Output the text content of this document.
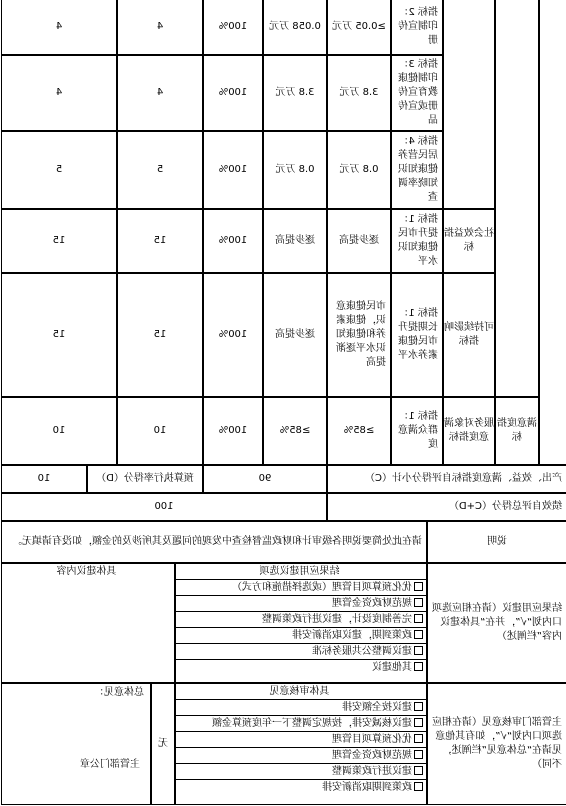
满意度指标
社会效益指标
可持续影响指标
服务对象满意度指标
指标 2：印制宣传册
≥0.05 万元
0.058 万元
100%
4
4
指标 3：印制健康教育宣传册或宣传品
3.8 万元
3.8 万元
100%
4
4
指标 4：居民营养健康知识知晓率调查
0.8 万元
0.8 万元
100%
5
5
指标 1：提升市民健康知识水平
逐步提高
逐步提高
100%
15
15
指标 1：长期提升市民健康素养水平
市民健康意识，健康素养和健康知识水平逐渐提高
逐步提高
100%
15
15
指标 1：群众满意度
≥85%
≥85%
100%
10
10
产出、效益、满意度指标自评得分小计（C）
90
预算执行率得分（D）
10
绩效自评总得分（C+D）
100
说明
请在此处简要说明各级审计和财政监督检查中发现的问题及其所涉及的金额，如没有请填无。
结果应用建议（请在相应选项口内划“√”，并在“具体建议内容”栏阐述）
结果应用建议选项
优化预算项目管理（或选择措施和方式）
规范财政资金管理
完善制度设计，建议进行政策调整
政策到期，建议取消新安排
建议调整公共服务标准
其他建议
具体建议内容
主管部门审核意见（请在相应选项口内划“√”，如有其他意见请在“总体意见”栏阐述，不同）
具体审核意见
建议按全额安排
建议核减安排，按规定调整下一年度预算金额
优化预算项目管理
规范财政资金管理
建议进行政策调整
政策到期取消新安排
无
总体意见：
主管部门公章
